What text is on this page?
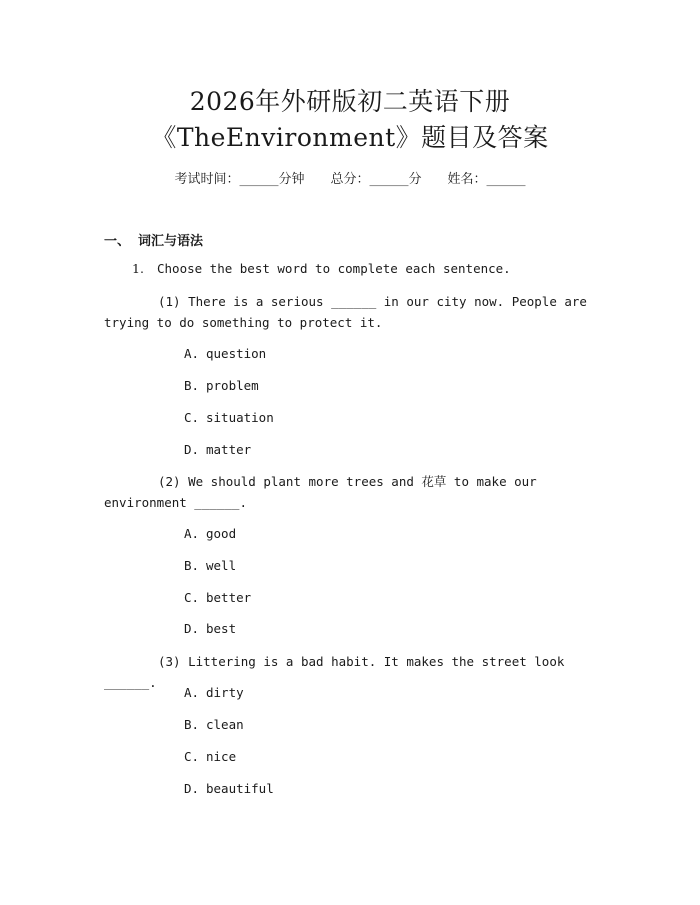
2026年外研版初二英语下册
《TheEnvironment》题目及答案
考试时间：______分钟 总分：______分 姓名：______
一、 词汇与语法
1. Choose the best word to complete each sentence.
(1) There is a serious ______ in our city now. People are trying to do something to protect it.
A. question
B. problem
C. situation
D. matter
(2) We should plant more trees and 花草 to make our environment ______.
A. good
B. well
C. better
D. best
(3) Littering is a bad habit. It makes the street look ______.
A. dirty
B. clean
C. nice
D. beautiful
